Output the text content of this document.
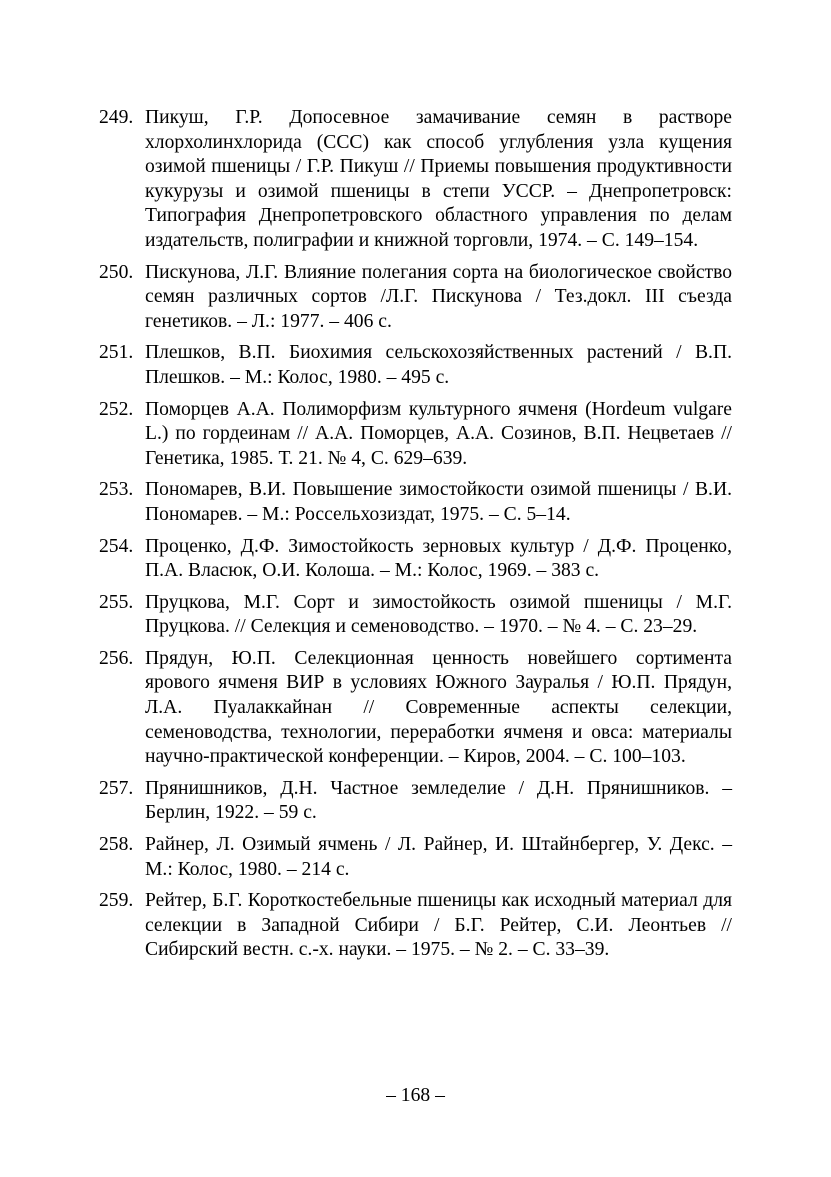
249. Пикуш, Г.Р. Допосевное замачивание семян в растворе хлорхолинхлорида (ССС) как способ углубления узла кущения озимой пшеницы / Г.Р. Пикуш // Приемы повышения продуктивности кукурузы и озимой пшеницы в степи УССР. – Днепропетровск: Типография Днепропетровского областного управления по делам издательств, полиграфии и книжной торговли, 1974. – С. 149–154.
250. Пискунова, Л.Г. Влияние полегания сорта на биологическое свойство семян различных сортов /Л.Г. Пискунова / Тез.докл. III съезда генетиков. – Л.: 1977. – 406 с.
251. Плешков, В.П. Биохимия сельскохозяйственных растений / В.П. Плешков. – М.: Колос, 1980. – 495 с.
252. Поморцев А.А. Полиморфизм культурного ячменя (Hordeum vulgare L.) по гордеинам // А.А. Поморцев, А.А. Созинов, В.П. Нецветаев // Генетика, 1985. Т. 21. № 4, С. 629–639.
253. Пономарев, В.И. Повышение зимостойкости озимой пшеницы / В.И. Пономарев. – М.: Россельхозиздат, 1975. – С. 5–14.
254. Проценко, Д.Ф. Зимостойкость зерновых культур / Д.Ф. Проценко, П.А. Власюк, О.И. Колоша. – М.: Колос, 1969. – 383 с.
255. Пруцкова, М.Г. Сорт и зимостойкость озимой пшеницы / М.Г. Пруцкова. // Селекция и семеноводство. – 1970. – № 4. – С. 23–29.
256. Прядун, Ю.П. Селекционная ценность новейшего сортимента ярового ячменя ВИР в условиях Южного Зауралья / Ю.П. Прядун, Л.А. Пуалаккайнан // Современные аспекты селекции, семеноводства, технологии, переработки ячменя и овса: материалы научно-практической конференции. – Киров, 2004. – С. 100–103.
257. Прянишников, Д.Н. Частное земледелие / Д.Н. Прянишников. – Берлин, 1922. – 59 с.
258. Райнер, Л. Озимый ячмень / Л. Райнер, И. Штайнбергер, У. Декс. – М.: Колос, 1980. – 214 с.
259. Рейтер, Б.Г. Короткостебельные пшеницы как исходный материал для селекции в Западной Сибири / Б.Г. Рейтер, С.И. Леонтьев // Сибирский вестн. с.-х. науки. – 1975. – № 2. – С. 33–39.
– 168 –
